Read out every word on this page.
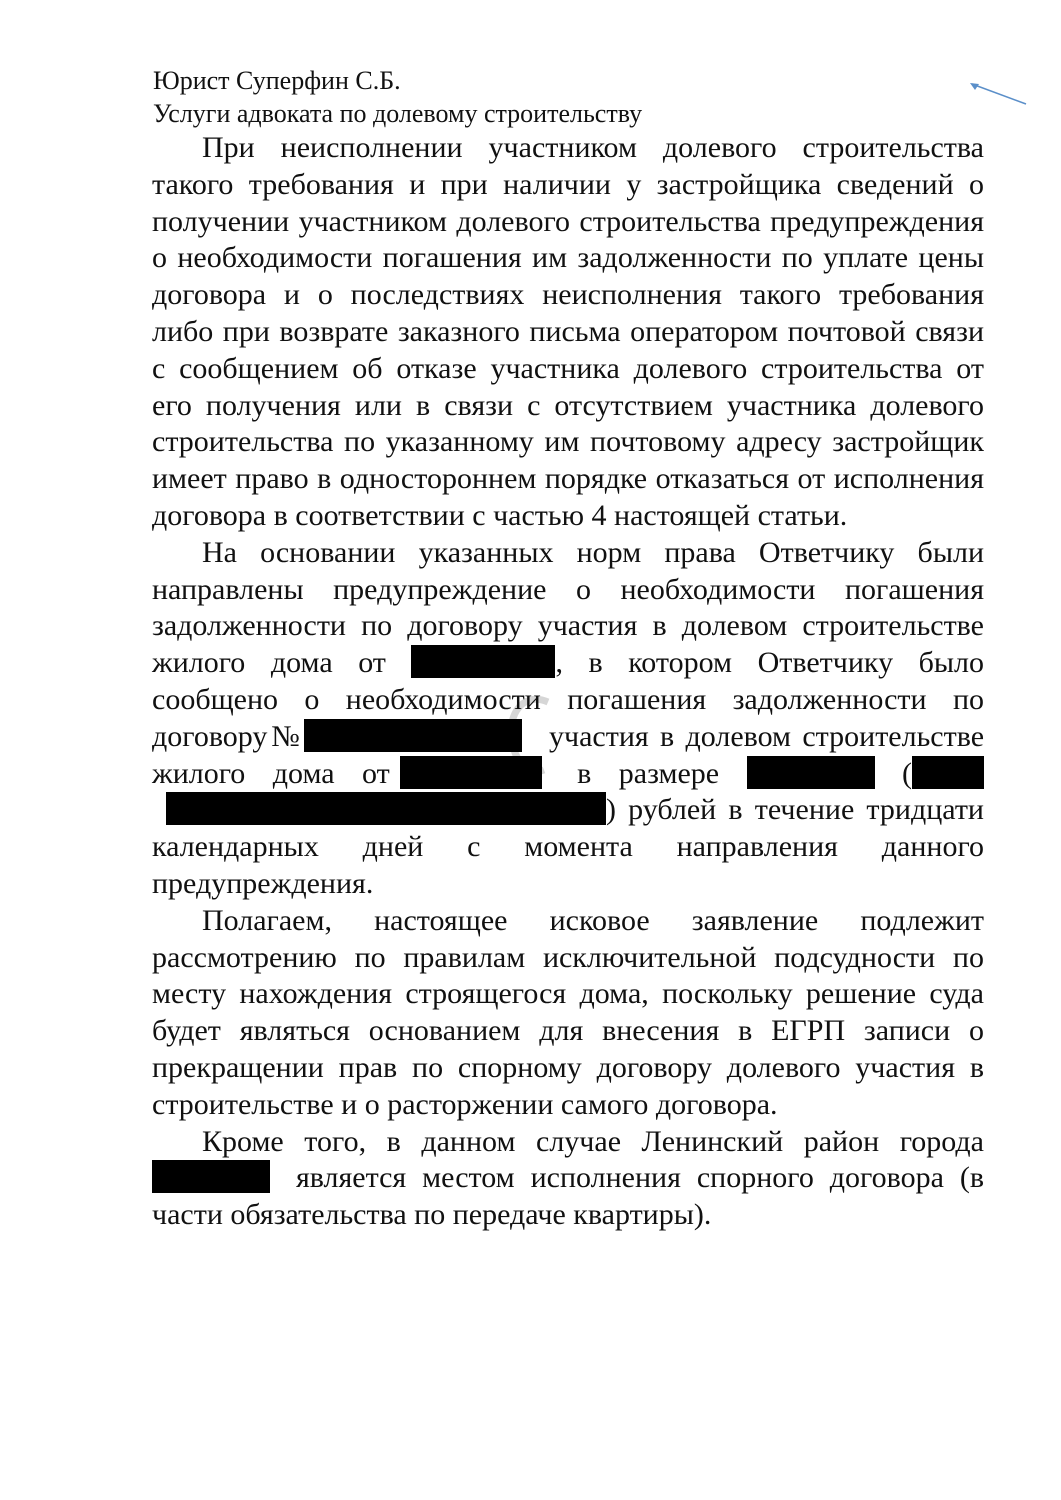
Юрист Суперфин С.Б.
Услуги адвоката по долевому строительству

При неисполнении участником долевого строительства такого требования и при наличии у застройщика сведений о получении участником долевого строительства предупреждения о необходимости погашения им задолженности по уплате цены договора и о последствиях неисполнения такого требования либо при возврате заказного письма оператором почтовой связи с сообщением об отказе участника долевого строительства от его получения или в связи с отсутствием участника долевого строительства по указанному им почтовому адресу застройщик имеет право в одностороннем порядке отказаться от исполнения договора в соответствии с частью 4 настоящей статьи.

На основании указанных норм права Ответчику были направлены предупреждение о необходимости погашения задолженности по договору участия в долевом строительстве жилого дома от	, в котором Ответчику было сообщено о необходимости погашения задолженности по договору№	участия в долевом строительстве жилого дома от	в размере	() рублей в течение тридцати календарных дней с момента направления данного предупреждения.

Полагаем, настоящее исковое заявление подлежит рассмотрению по правилам исключительной подсудности по месту нахождения строящегося дома, поскольку решение суда будет являться основанием для внесения в ЕГРП записи о прекращении прав по спорному договору долевого участия в строительстве и о расторжении самого договора.

Кроме того, в данном случае Ленинский район города  является местом исполнения спорного договора (в части обязательства по передаче квартиры).
